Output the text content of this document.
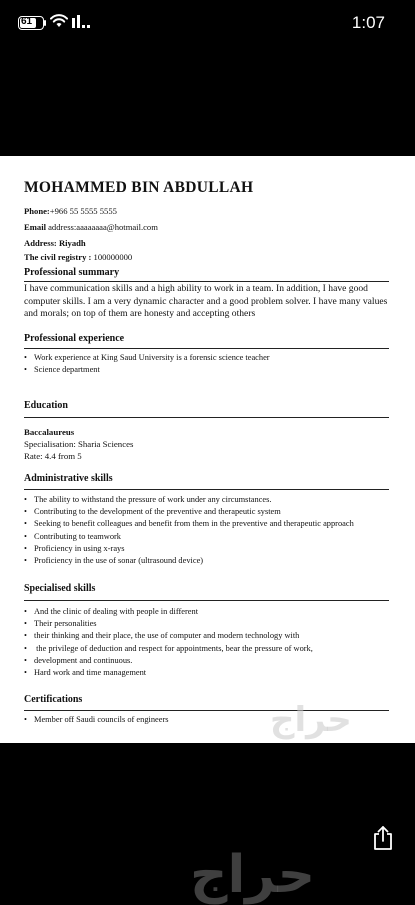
61	1:07
MOHAMMED BIN ABDULLAH
Phone:+966 55 5555 5555
Email address:aaaaaaaa@hotmail.com
Address: Riyadh
The civil registry : 100000000
Professional summary
I have communication skills and a high ability to work in a team. In addition, I have good computer skills. I am a very dynamic character and a good problem solver. I have many values and morals; on top of them are honesty and accepting others
Professional experience
• Work experience at King Saud University is a forensic science teacher
• Science department
Education
Baccalaureus
Specialisation: Sharia Sciences
Rate: 4.4 from 5
Administrative skills
• The ability to withstand the pressure of work under any circumstances.
• Contributing to the development of the preventive and therapeutic system
• Seeking to benefit colleagues and benefit from them in the preventive and therapeutic approach
• Contributing to teamwork
• Proficiency in using x-rays
• Proficiency in the use of sonar (ultrasound device)
Specialised skills
• And the clinic of dealing with people in different
• Their personalities
• their thinking and their place, the use of computer and modern technology with
• the privilege of deduction and respect for appointments, bear the pressure of work,
• development and continuous.
• Hard work and time management
Certifications
• Member off Saudi councils of engineers	حراج
حراج
